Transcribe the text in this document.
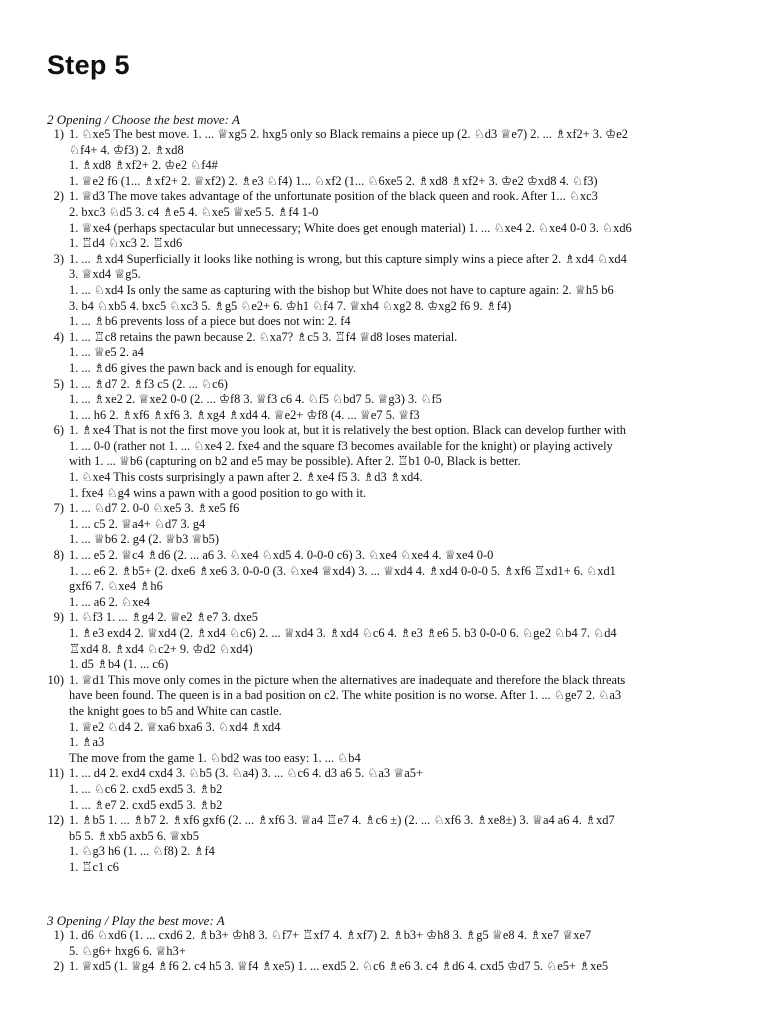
Step 5
2 Opening / Choose the best move: A
1) 1. ♘xe5 The best move. 1. ... ♕xg5 2. hxg5 only so Black remains a piece up (2. ♘d3 ♕e7) 2. ... ♗xf2+ 3. ♔e2
♘f4+ 4. ♔f3) 2. ♗xd8
1. ♗xd8 ♗xf2+ 2. ♔e2 ♘f4#
1. ♕e2 f6 (1... ♗xf2+ 2. ♕xf2) 2. ♗e3 ♘f4) 1... ♘xf2 (1... ♘6xe5 2. ♗xd8 ♗xf2+ 3. ♔e2 ♔xd8 4. ♘f3)
2) 1. ♕d3 The move takes advantage of the unfortunate position of the black queen and rook. After 1... ♘xc3
2. bxc3 ♘d5 3. c4 ♗e5 4. ♘xe5 ♕xe5 5. ♗f4 1-0
1. ♕xe4 (perhaps spectacular but unnecessary; White does get enough material) 1. ... ♘xe4 2. ♘xe4 0-0 3. ♘xd6
1. ♖d4 ♘xc3 2. ♖xd6
3) 1. ... ♗xd4 Superficially it looks like nothing is wrong, but this capture simply wins a piece after 2. ♗xd4 ♘xd4
3. ♕xd4 ♕g5.
1. ... ♘xd4 Is only the same as capturing with the bishop but White does not have to capture again: 2. ♕h5 b6
3. b4 ♘xb5 4. bxc5 ♘xc3 5. ♗g5 ♘e2+ 6. ♔h1 ♘f4 7. ♕xh4 ♘xg2 8. ♔xg2 f6 9. ♗f4)
1. ... ♗b6 prevents loss of a piece but does not win: 2. f4
4) 1. ... ♖c8 retains the pawn because 2. ♘xa7? ♗c5 3. ♖f4 ♕d8 loses material.
1. ... ♕e5 2. a4
1. ... ♗d6 gives the pawn back and is enough for equality.
5) 1. ... ♗d7 2. ♗f3 c5 (2. ... ♘c6)
1. ... ♗xe2 2. ♕xe2 0-0 (2. ... ♔f8 3. ♕f3 c6 4. ♘f5 ♘bd7 5. ♕g3) 3. ♘f5
1. ... h6 2. ♗xf6 ♗xf6 3. ♗xg4 ♗xd4 4. ♕e2+ ♔f8 (4. ... ♕e7 5. ♕f3
6) 1. ♗xe4 That is not the first move you look at, but it is relatively the best option. Black can develop further with
1. ... 0-0 (rather not 1. ... ♘xe4 2. fxe4 and the square f3 becomes available for the knight) or playing actively
with 1. ... ♕b6 (capturing on b2 and e5 may be possible). After 2. ♖b1 0-0, Black is better.
1. ♘xe4 This costs surprisingly a pawn after 2. ♗xe4 f5 3. ♗d3 ♗xd4.
1. fxe4 ♘g4 wins a pawn with a good position to go with it.
7) 1. ... ♘d7 2. 0-0 ♘xe5 3. ♗xe5 f6
1. ... c5 2. ♕a4+ ♘d7 3. g4
1. ... ♕b6 2. g4 (2. ♕b3 ♕b5)
8) 1. ... e5 2. ♕c4 ♗d6 (2. ... a6 3. ♘xe4 ♘xd5 4. 0-0-0 c6) 3. ♘xe4 ♘xe4 4. ♕xe4 0-0
1. ... e6 2. ♗b5+ (2. dxe6 ♗xe6 3. 0-0-0 (3. ♘xe4 ♕xd4) 3. ... ♕xd4 4. ♗xd4 0-0-0 5. ♗xf6 ♖xd1+ 6. ♘xd1
gxf6 7. ♘xe4 ♗h6
1. ... a6 2. ♘xe4
9) 1. ♘f3 1. ... ♗g4 2. ♕e2 ♗e7 3. dxe5
1. ♗e3 exd4 2. ♕xd4 (2. ♗xd4 ♘c6) 2. ... ♕xd4 3. ♗xd4 ♘c6 4. ♗e3 ♗e6 5. b3 0-0-0 6. ♘ge2 ♘b4 7. ♘d4
♖xd4 8. ♗xd4 ♘c2+ 9. ♔d2 ♘xd4)
1. d5 ♗b4 (1. ... c6)
10) 1. ♕d1 This move only comes in the picture when the alternatives are inadequate and therefore the black threats
have been found. The queen is in a bad position on c2. The white position is no worse. After 1. ... ♘ge7 2. ♘a3
the knight goes to b5 and White can castle.
1. ♕e2 ♘d4 2. ♕xa6 bxa6 3. ♘xd4 ♗xd4
1. ♗a3
The move from the game 1. ♘bd2 was too easy: 1. ... ♘b4
11) 1. ... d4 2. exd4 cxd4 3. ♘b5 (3. ♘a4) 3. ... ♘c6 4. d3 a6 5. ♘a3 ♕a5+
1. ... ♘c6 2. cxd5 exd5 3. ♗b2
1. ... ♗e7 2. cxd5 exd5 3. ♗b2
12) 1. ♗b5 1. ... ♗b7 2. ♗xf6 gxf6 (2. ... ♗xf6 3. ♕a4 ♖e7 4. ♗c6 ±) (2. ... ♘xf6 3. ♗xe8±) 3. ♕a4 a6 4. ♗xd7
b5 5. ♗xb5 axb5 6. ♕xb5
1. ♘g3 h6 (1. ... ♘f8) 2. ♗f4
1. ♖c1 c6
3 Opening / Play the best move: A
1) 1. d6 ♘xd6 (1. ... cxd6 2. ♗b3+ ♔h8 3. ♘f7+ ♖xf7 4. ♗xf7) 2. ♗b3+ ♔h8 3. ♗g5 ♕e8 4. ♗xe7 ♕xe7
5. ♘g6+ hxg6 6. ♕h3+
2) 1. ♕xd5 (1. ♕g4 ♗f6 2. c4 h5 3. ♕f4 ♗xe5) 1. ... exd5 2. ♘c6 ♗e6 3. c4 ♗d6 4. cxd5 ♔d7 5. ♘e5+ ♗xe5
